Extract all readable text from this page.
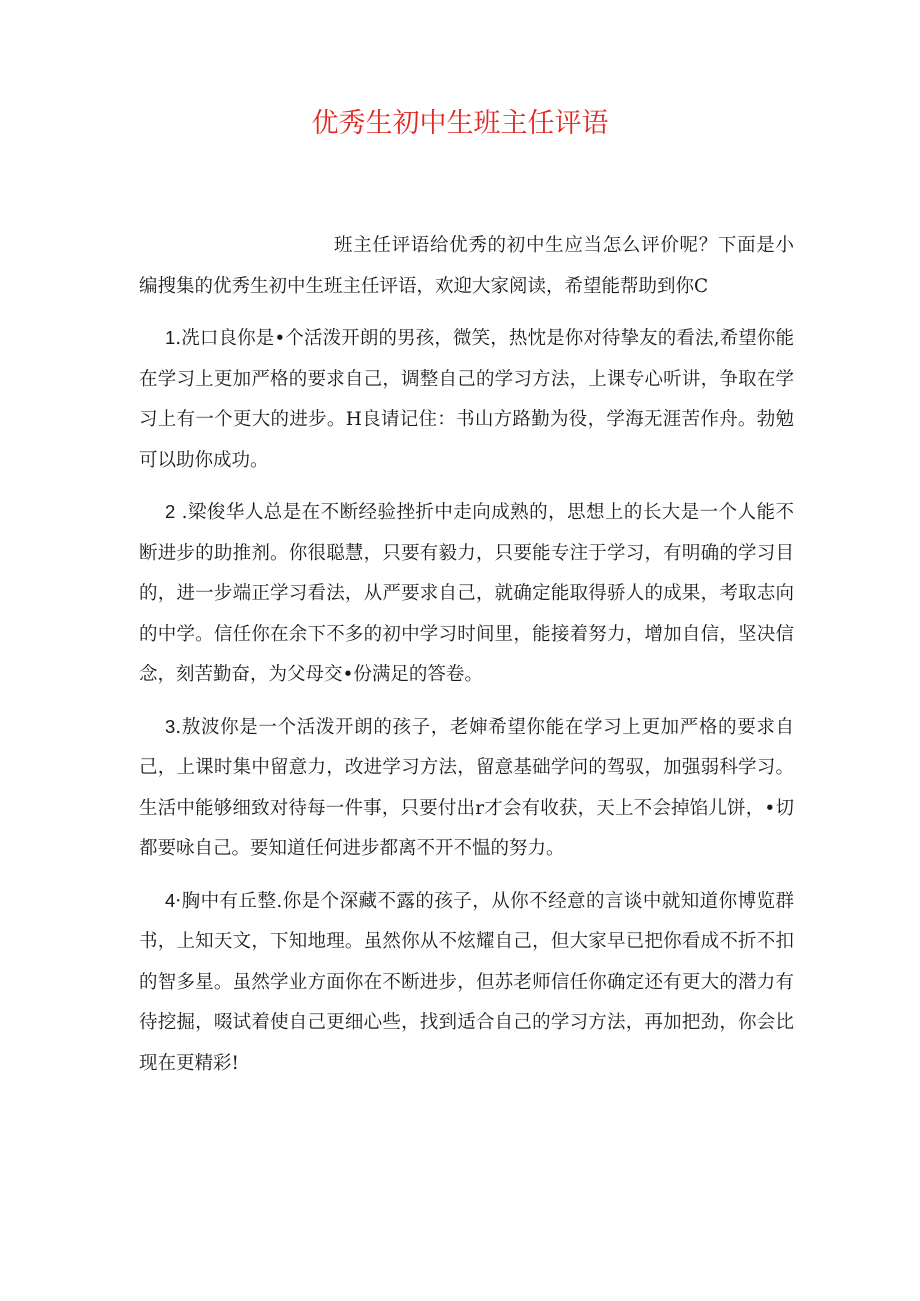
优秀生初中生班主任评语

班主任评语给优秀的初中生应当怎么评价呢？下面是小编搜集的优秀生初中生班主任评语，欢迎大家阅读，希望能帮助到你C

1.冼口良你是•个活泼开朗的男孩，微笑，热忱是你对待挚友的看法,希望你能在学习上更加严格的要求自己，调整自己的学习方法，上课专心听讲，争取在学习上有一个更大的进步。H良请记住：书山方路勤为役，学海无涯苦作舟。勃勉可以助你成功。

2 .梁俊华人总是在不断经验挫折中走向成熟的，思想上的长大是一个人能不断进步的助推剂。你很聪慧，只要有毅力，只要能专注于学习，有明确的学习目的，进一步端正学习看法，从严要求自己，就确定能取得骄人的成果，考取志向的中学。信任你在余下不多的初中学习时间里，能接着努力，增加自信，坚决信念，刻苦勤奋，为父母交•份满足的答卷。

3.敖波你是一个活泼开朗的孩子，老婶希望你能在学习上更加严格的要求自己，上课时集中留意力，改进学习方法，留意基础学问的驾驭，加强弱科学习。生活中能够细致对待每一件事，只要付出r才会有收获，天上不会掉馅儿饼，•切都要咏自己。要知道任何进步都离不开不愠的努力。

4·胸中有丘整.你是个深藏不露的孩子，从你不经意的言谈中就知道你博览群书，上知天文，下知地理。虽然你从不炫耀自己，但大家早已把你看成不折不扣的智多星。虽然学业方面你在不断进步，但苏老师信任你确定还有更大的潜力有待挖掘，啜试着使自己更细心些，找到适合自己的学习方法，再加把劲，你会比现在更精彩!
